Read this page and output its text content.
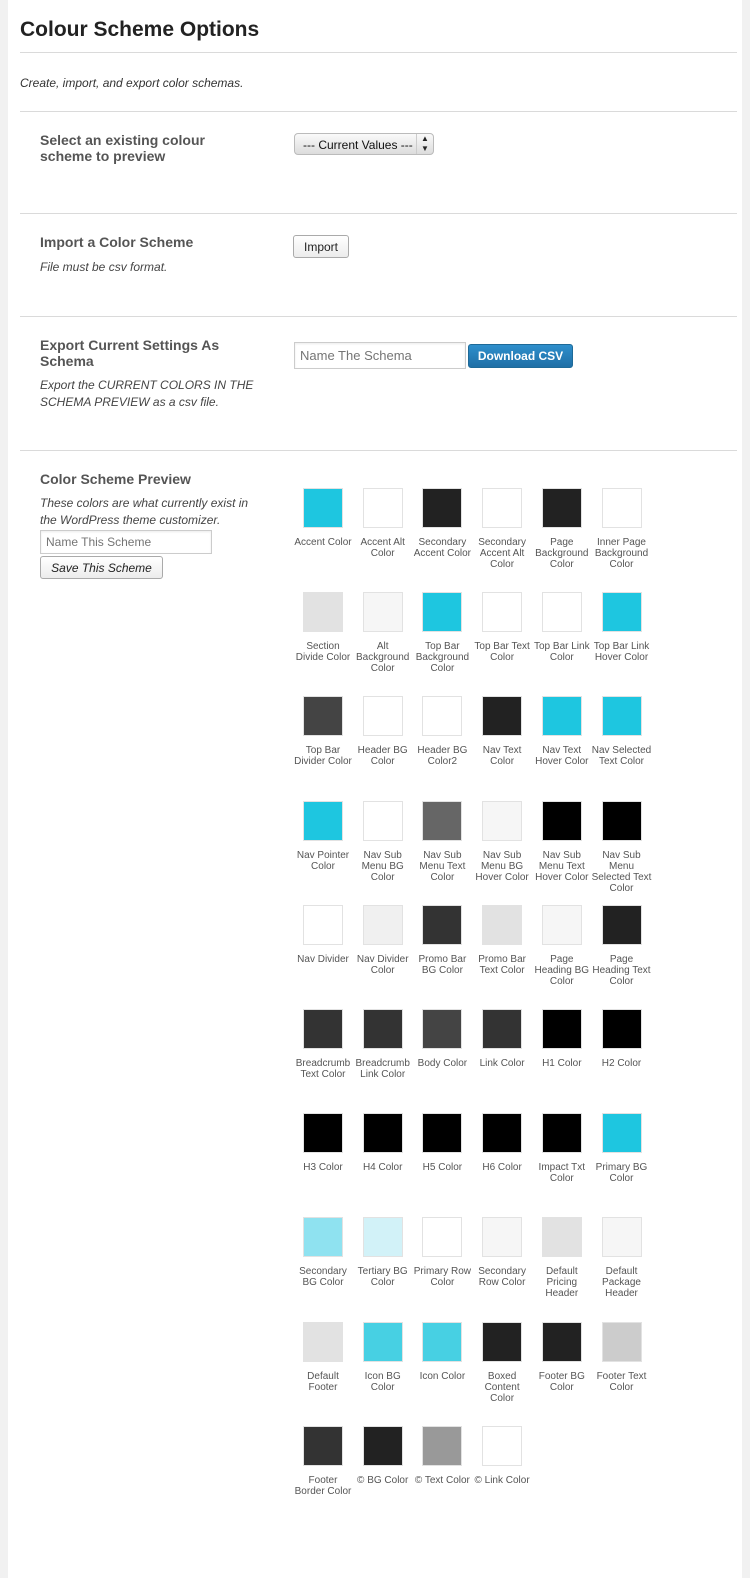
Colour Scheme Options
Create, import, and export color schemas.
Select an existing colour scheme to preview
--- Current Values ---	▲
▼
Import a Color Scheme
File must be csv format.
Import
Export Current Settings As Schema
Export the CURRENT COLORS IN THE SCHEMA PREVIEW as a csv file.
Name The Schema
Download CSV
Color Scheme Preview
These colors are what currently exist in the WordPress theme customizer.
Name This Scheme
Save This Scheme
Accent Color Accent Alt Color
Secondary Accent Color
Secondary Accent Alt Color
Page Background Color
Inner Page Background Color
Section Divide Color
Alt Background Color
Top Bar Background Color
Top Bar Text Color
Top Bar Link Color
Top Bar Link Hover Color
Top Bar Divider Color
Header BG Color
Header BG Color2
Nav Text Color
Nav Text Hover Color
Nav Selected Text Color
Nav Pointer Color
Nav Sub Menu BG Color
Nav Sub Menu Text Color
Nav Sub Menu BG Hover Color
Nav Sub Menu Text Hover Color
Nav Sub Menu Selected Text Color
Nav Divider Nav Divider Color
Promo Bar BG Color
Promo Bar Text Color
Page Heading BG Color
Page Heading Text Color
Breadcrumb Text Color
Breadcrumb Link Color
Body Color	Link Color	H1 Color	H2 Color
H3 Color	H4 Color	H5 Color	H6 Color	Impact Txt Color
Primary BG Color
Secondary BG Color
Tertiary BG Color
Primary Row Color
Secondary Row Color
Default Pricing Header
Default Package Header
Default Footer
Icon BG Color
Icon Color	Boxed Content Color
Footer BG Color
Footer Text Color
Footer Border Color
© BG Color © Text Color © Link Color
